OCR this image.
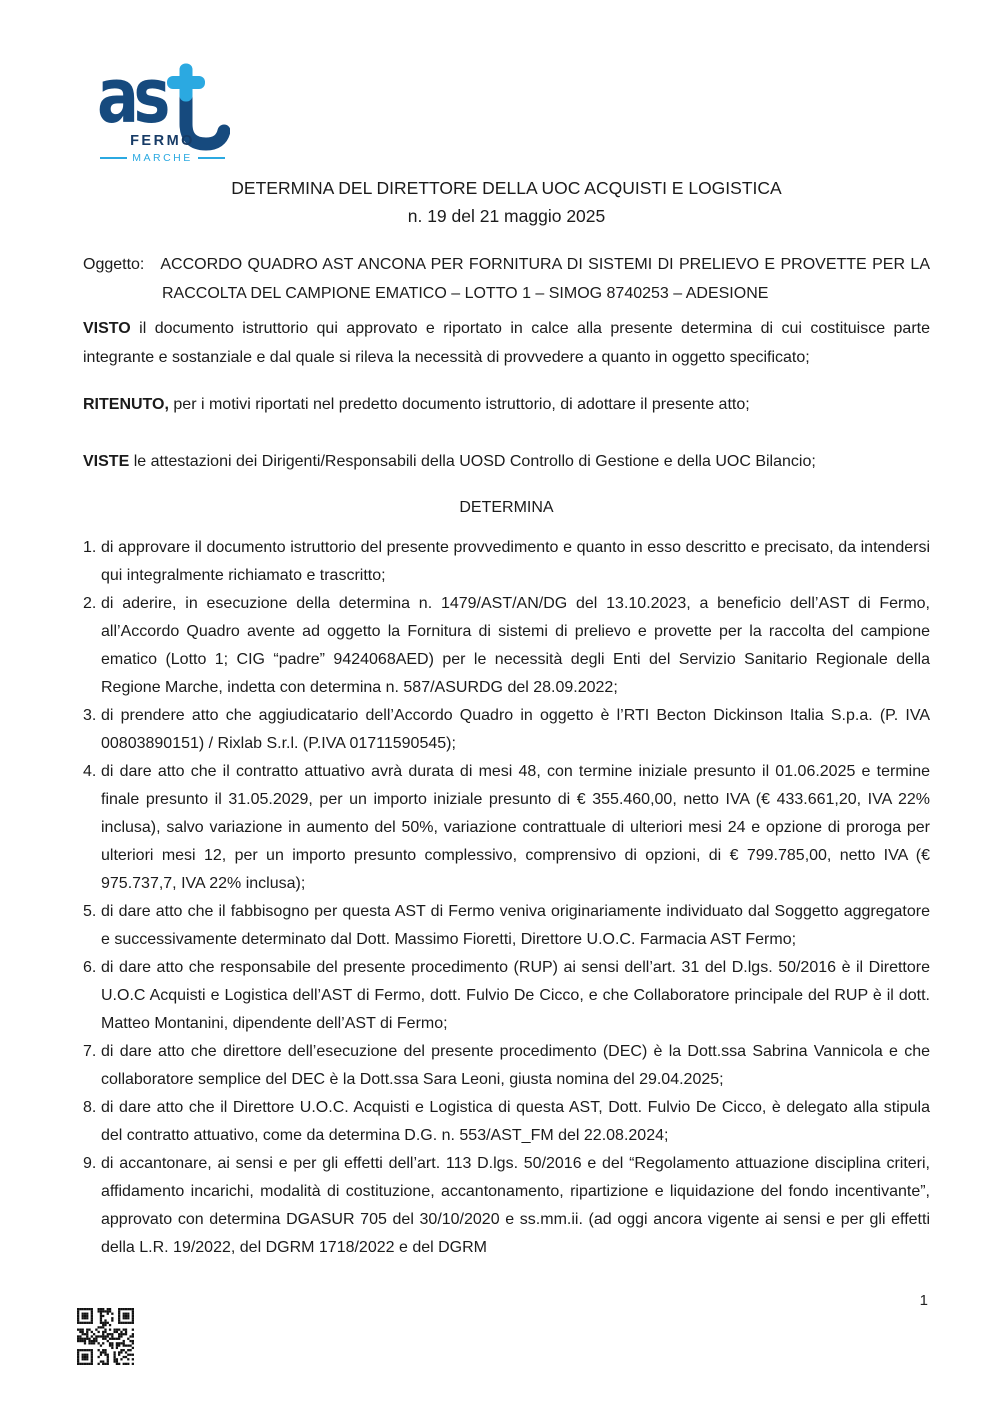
as
FERMO
MARCHE
DETERMINA DEL DIRETTORE DELLA UOC ACQUISTI E LOGISTICA
n. 19 del 21 maggio 2025

Oggetto: ACCORDO QUADRO AST ANCONA PER FORNITURA DI SISTEMI DI PRELIEVO E PROVETTE PER LA RACCOLTA DEL CAMPIONE EMATICO – LOTTO 1 – SIMOG 8740253 – ADESIONE

VISTO il documento istruttorio qui approvato e riportato in calce alla presente determina di cui costituisce parte integrante e sostanziale e dal quale si rileva la necessità di provvedere a quanto in oggetto specificato;

RITENUTO, per i motivi riportati nel predetto documento istruttorio, di adottare il presente atto;

VISTE le attestazioni dei Dirigenti/Responsabili della UOSD Controllo di Gestione e della UOC Bilancio;

DETERMINA
1. di approvare il documento istruttorio del presente provvedimento e quanto in esso descritto e precisato, da intendersi qui integralmente richiamato e trascritto;
2. di aderire, in esecuzione della determina n. 1479/AST/AN/DG del 13.10.2023, a beneficio dell’AST di Fermo, all’Accordo Quadro avente ad oggetto la Fornitura di sistemi di prelievo e provette per la raccolta del campione ematico (Lotto 1; CIG “padre” 9424068AED) per le necessità degli Enti del Servizio Sanitario Regionale della Regione Marche, indetta con determina n. 587/ASURDG del 28.09.2022;
3. di prendere atto che aggiudicatario dell’Accordo Quadro in oggetto è l’RTI Becton Dickinson Italia S.p.a. (P. IVA 00803890151) / Rixlab S.r.l. (P.IVA 01711590545);
4. di dare atto che il contratto attuativo avrà durata di mesi 48, con termine iniziale presunto il 01.06.2025 e termine finale presunto il 31.05.2029, per un importo iniziale presunto di € 355.460,00, netto IVA (€ 433.661,20, IVA 22% inclusa), salvo variazione in aumento del 50%, variazione contrattuale di ulteriori mesi 24 e opzione di proroga per ulteriori mesi 12, per un importo presunto complessivo, comprensivo di opzioni, di € 799.785,00, netto IVA (€ 975.737,7, IVA 22% inclusa);
5. di dare atto che il fabbisogno per questa AST di Fermo veniva originariamente individuato dal Soggetto aggregatore e successivamente determinato dal Dott. Massimo Fioretti, Direttore U.O.C. Farmacia AST Fermo;
6. di dare atto che responsabile del presente procedimento (RUP) ai sensi dell’art. 31 del D.lgs. 50/2016 è il Direttore U.O.C Acquisti e Logistica dell’AST di Fermo, dott. Fulvio De Cicco, e che Collaboratore principale del RUP è il dott. Matteo Montanini, dipendente dell’AST di Fermo;
7. di dare atto che direttore dell’esecuzione del presente procedimento (DEC) è la Dott.ssa Sabrina Vannicola e che collaboratore semplice del DEC è la Dott.ssa Sara Leoni, giusta nomina del 29.04.2025;
8. di dare atto che il Direttore U.O.C. Acquisti e Logistica di questa AST, Dott. Fulvio De Cicco, è delegato alla stipula del contratto attuativo, come da determina D.G. n. 553/AST_FM del 22.08.2024;
9. di accantonare, ai sensi e per gli effetti dell’art. 113 D.lgs. 50/2016 e del “Regolamento attuazione disciplina criteri, affidamento incarichi, modalità di costituzione, accantonamento, ripartizione e liquidazione del fondo incentivante”, approvato con determina DGASUR 705 del 30/10/2020 e ss.mm.ii. (ad oggi ancora vigente ai sensi e per gli effetti della L.R. 19/2022, del DGRM 1718/2022 e del DGRM
1
